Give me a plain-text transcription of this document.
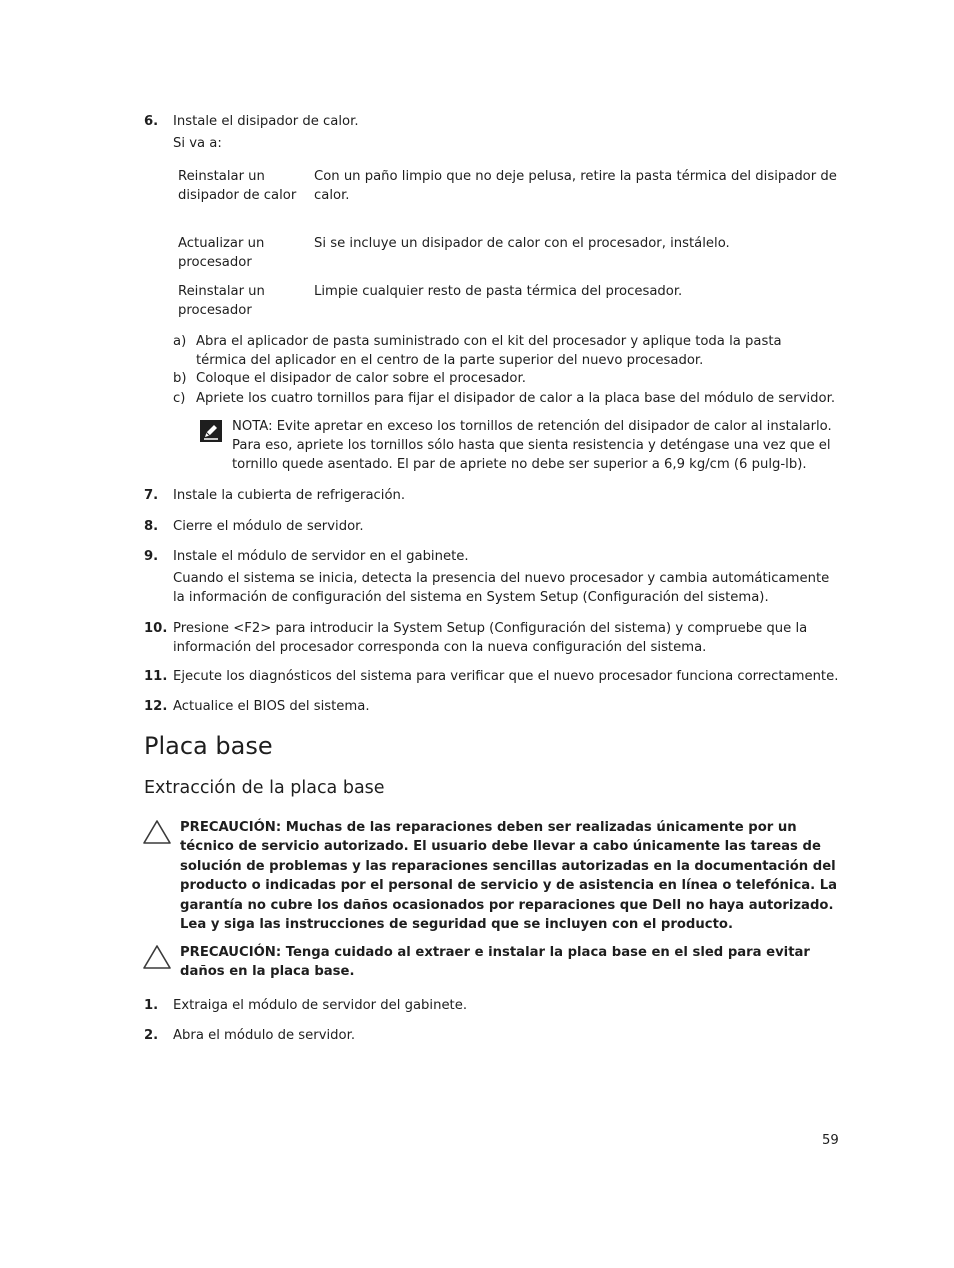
6. Instale el disipador de calor.
Si va a:
Reinstalar un disipador de calor
Con un paño limpio que no deje pelusa, retire la pasta térmica del disipador de calor.
Actualizar un procesador
Si se incluye un disipador de calor con el procesador, instálelo.
Reinstalar un procesador
Limpie cualquier resto de pasta térmica del procesador.
a) Abra el aplicador de pasta suministrado con el kit del procesador y aplique toda la pasta térmica del aplicador en el centro de la parte superior del nuevo procesador.
b) Coloque el disipador de calor sobre el procesador.
c) Apriete los cuatro tornillos para fijar el disipador de calor a la placa base del módulo de servidor.
NOTA: Evite apretar en exceso los tornillos de retención del disipador de calor al instalarlo. Para eso, apriete los tornillos sólo hasta que sienta resistencia y deténgase una vez que el tornillo quede asentado. El par de apriete no debe ser superior a 6,9 kg/cm (6 pulg-lb).
7. Instale la cubierta de refrigeración.
8. Cierre el módulo de servidor.
9. Instale el módulo de servidor en el gabinete.
Cuando el sistema se inicia, detecta la presencia del nuevo procesador y cambia automáticamente la información de configuración del sistema en System Setup (Configuración del sistema).
10. Presione <F2> para introducir la System Setup (Configuración del sistema) y compruebe que la información del procesador corresponda con la nueva configuración del sistema.
11. Ejecute los diagnósticos del sistema para verificar que el nuevo procesador funciona correctamente.
12. Actualice el BIOS del sistema.
Placa base
Extracción de la placa base
PRECAUCIÓN: Muchas de las reparaciones deben ser realizadas únicamente por un técnico de servicio autorizado. El usuario debe llevar a cabo únicamente las tareas de solución de problemas y las reparaciones sencillas autorizadas en la documentación del producto o indicadas por el personal de servicio y de asistencia en línea o telefónica. La garantía no cubre los daños ocasionados por reparaciones que Dell no haya autorizado. Lea y siga las instrucciones de seguridad que se incluyen con el producto.
PRECAUCIÓN: Tenga cuidado al extraer e instalar la placa base en el sled para evitar daños en la placa base.
1. Extraiga el módulo de servidor del gabinete.
2. Abra el módulo de servidor.
59
